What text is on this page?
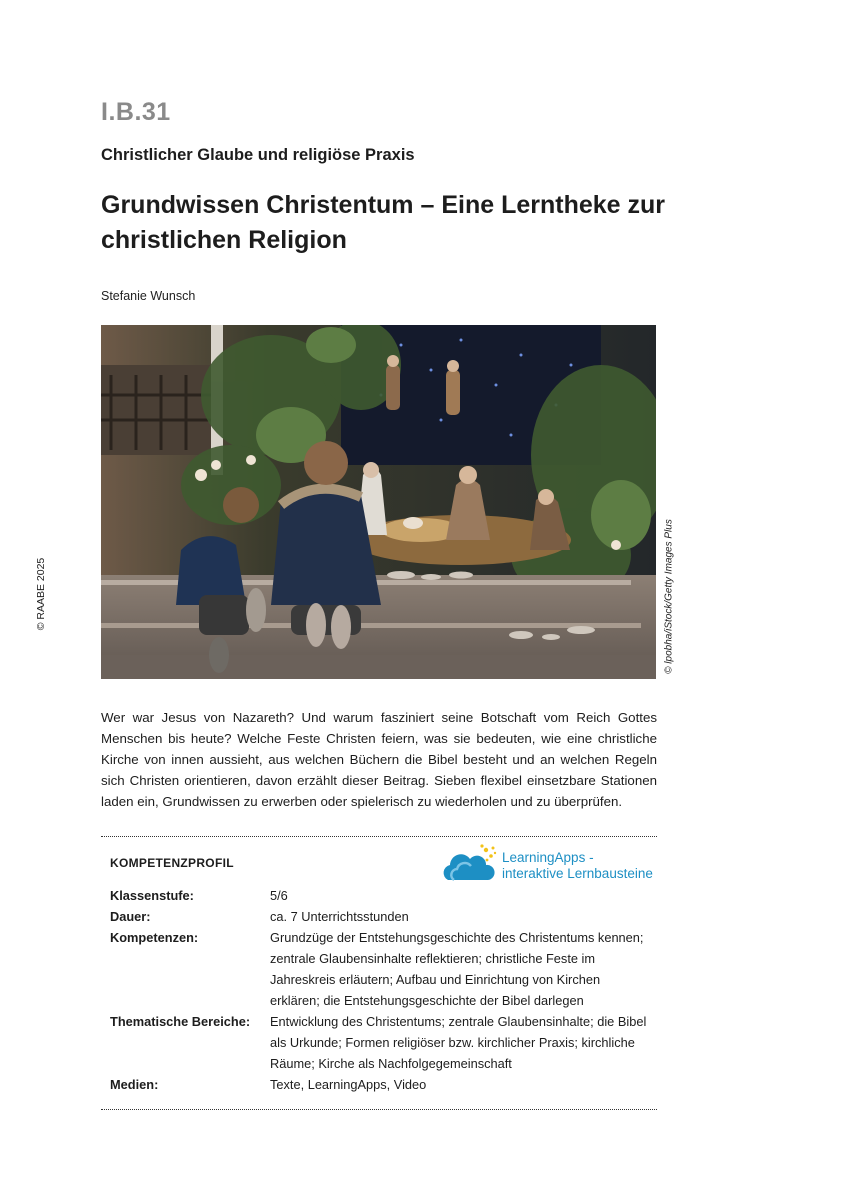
I.B.31
Christlicher Glaube und religiöse Praxis
Grundwissen Christentum – Eine Lerntheke zur christlichen Religion
Stefanie Wunsch
© RAABE 2025	© lpobha/iStock/Getty Images Plus

Wer war Jesus von Nazareth? Und warum fasziniert seine Botschaft vom Reich Gottes Menschen bis heute? Welche Feste Christen feiern, was sie bedeuten, wie eine christliche Kirche von innen aussieht, aus welchen Büchern die Bibel besteht und an welchen Regeln sich Christen orientieren, davon erzählt dieser Beitrag. Sieben flexibel einsetzbare Stationen laden ein, Grundwissen zu erwerben oder spielerisch zu wiederholen und zu überprüfen.

KOMPETENZPROFIL	LearningApps -
interaktive Lernbausteine
Klassenstufe:	5/6
Dauer:	ca. 7 Unterrichtsstunden
Kompetenzen:	Grundzüge der Entstehungsgeschichte des Christentums kennen; zentrale Glaubensinhalte reflektieren; christliche Feste im Jahreskreis erläutern; Aufbau und Einrichtung von Kirchen erklären; die Entstehungsgeschichte der Bibel darlegen
Thematische Bereiche:	Entwicklung des Christentums; zentrale Glaubensinhalte; die Bibel als Urkunde; Formen religiöser bzw. kirchlicher Praxis; kirchliche Räume; Kirche als Nachfolgegemeinschaft
Medien:	Texte, LearningApps, Video
